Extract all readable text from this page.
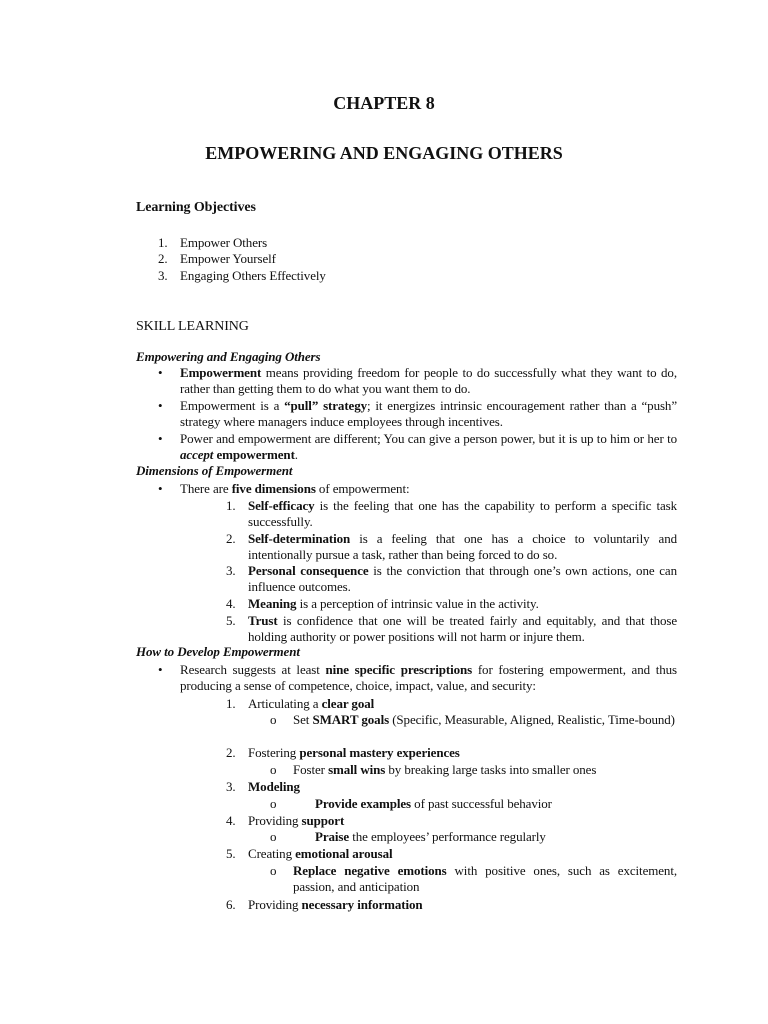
CHAPTER 8
EMPOWERING AND ENGAGING OTHERS
Learning Objectives
1. Empower Others
2. Empower Yourself
3. Engaging Others Effectively
SKILL LEARNING
Empowering and Engaging Others
• Empowerment means providing freedom for people to do successfully what they want to do, rather than getting them to do what you want them to do.
• Empowerment is a “pull” strategy; it energizes intrinsic encouragement rather than a “push” strategy where managers induce employees through incentives.
• Power and empowerment are different; You can give a person power, but it is up to him or her to accept empowerment.
Dimensions of Empowerment
• There are five dimensions of empowerment:
1. Self-efficacy is the feeling that one has the capability to perform a specific task successfully.
2. Self-determination is a feeling that one has a choice to voluntarily and intentionally pursue a task, rather than being forced to do so.
3. Personal consequence is the conviction that through one’s own actions, one can influence outcomes.
4. Meaning is a perception of intrinsic value in the activity.
5. Trust is confidence that one will be treated fairly and equitably, and that those holding authority or power positions will not harm or injure them.
How to Develop Empowerment
• Research suggests at least nine specific prescriptions for fostering empowerment, and thus producing a sense of competence, choice, impact, value, and security:
1. Articulating a clear goal
o Set SMART goals (Specific, Measurable, Aligned, Realistic, Time-bound)
2. Fostering personal mastery experiences
o Foster small wins by breaking large tasks into smaller ones
3. Modeling
o	Provide examples of past successful behavior
4. Providing support
o	Praise the employees’ performance regularly
5. Creating emotional arousal
o Replace negative emotions with positive ones, such as excitement, passion, and anticipation
6. Providing necessary information
